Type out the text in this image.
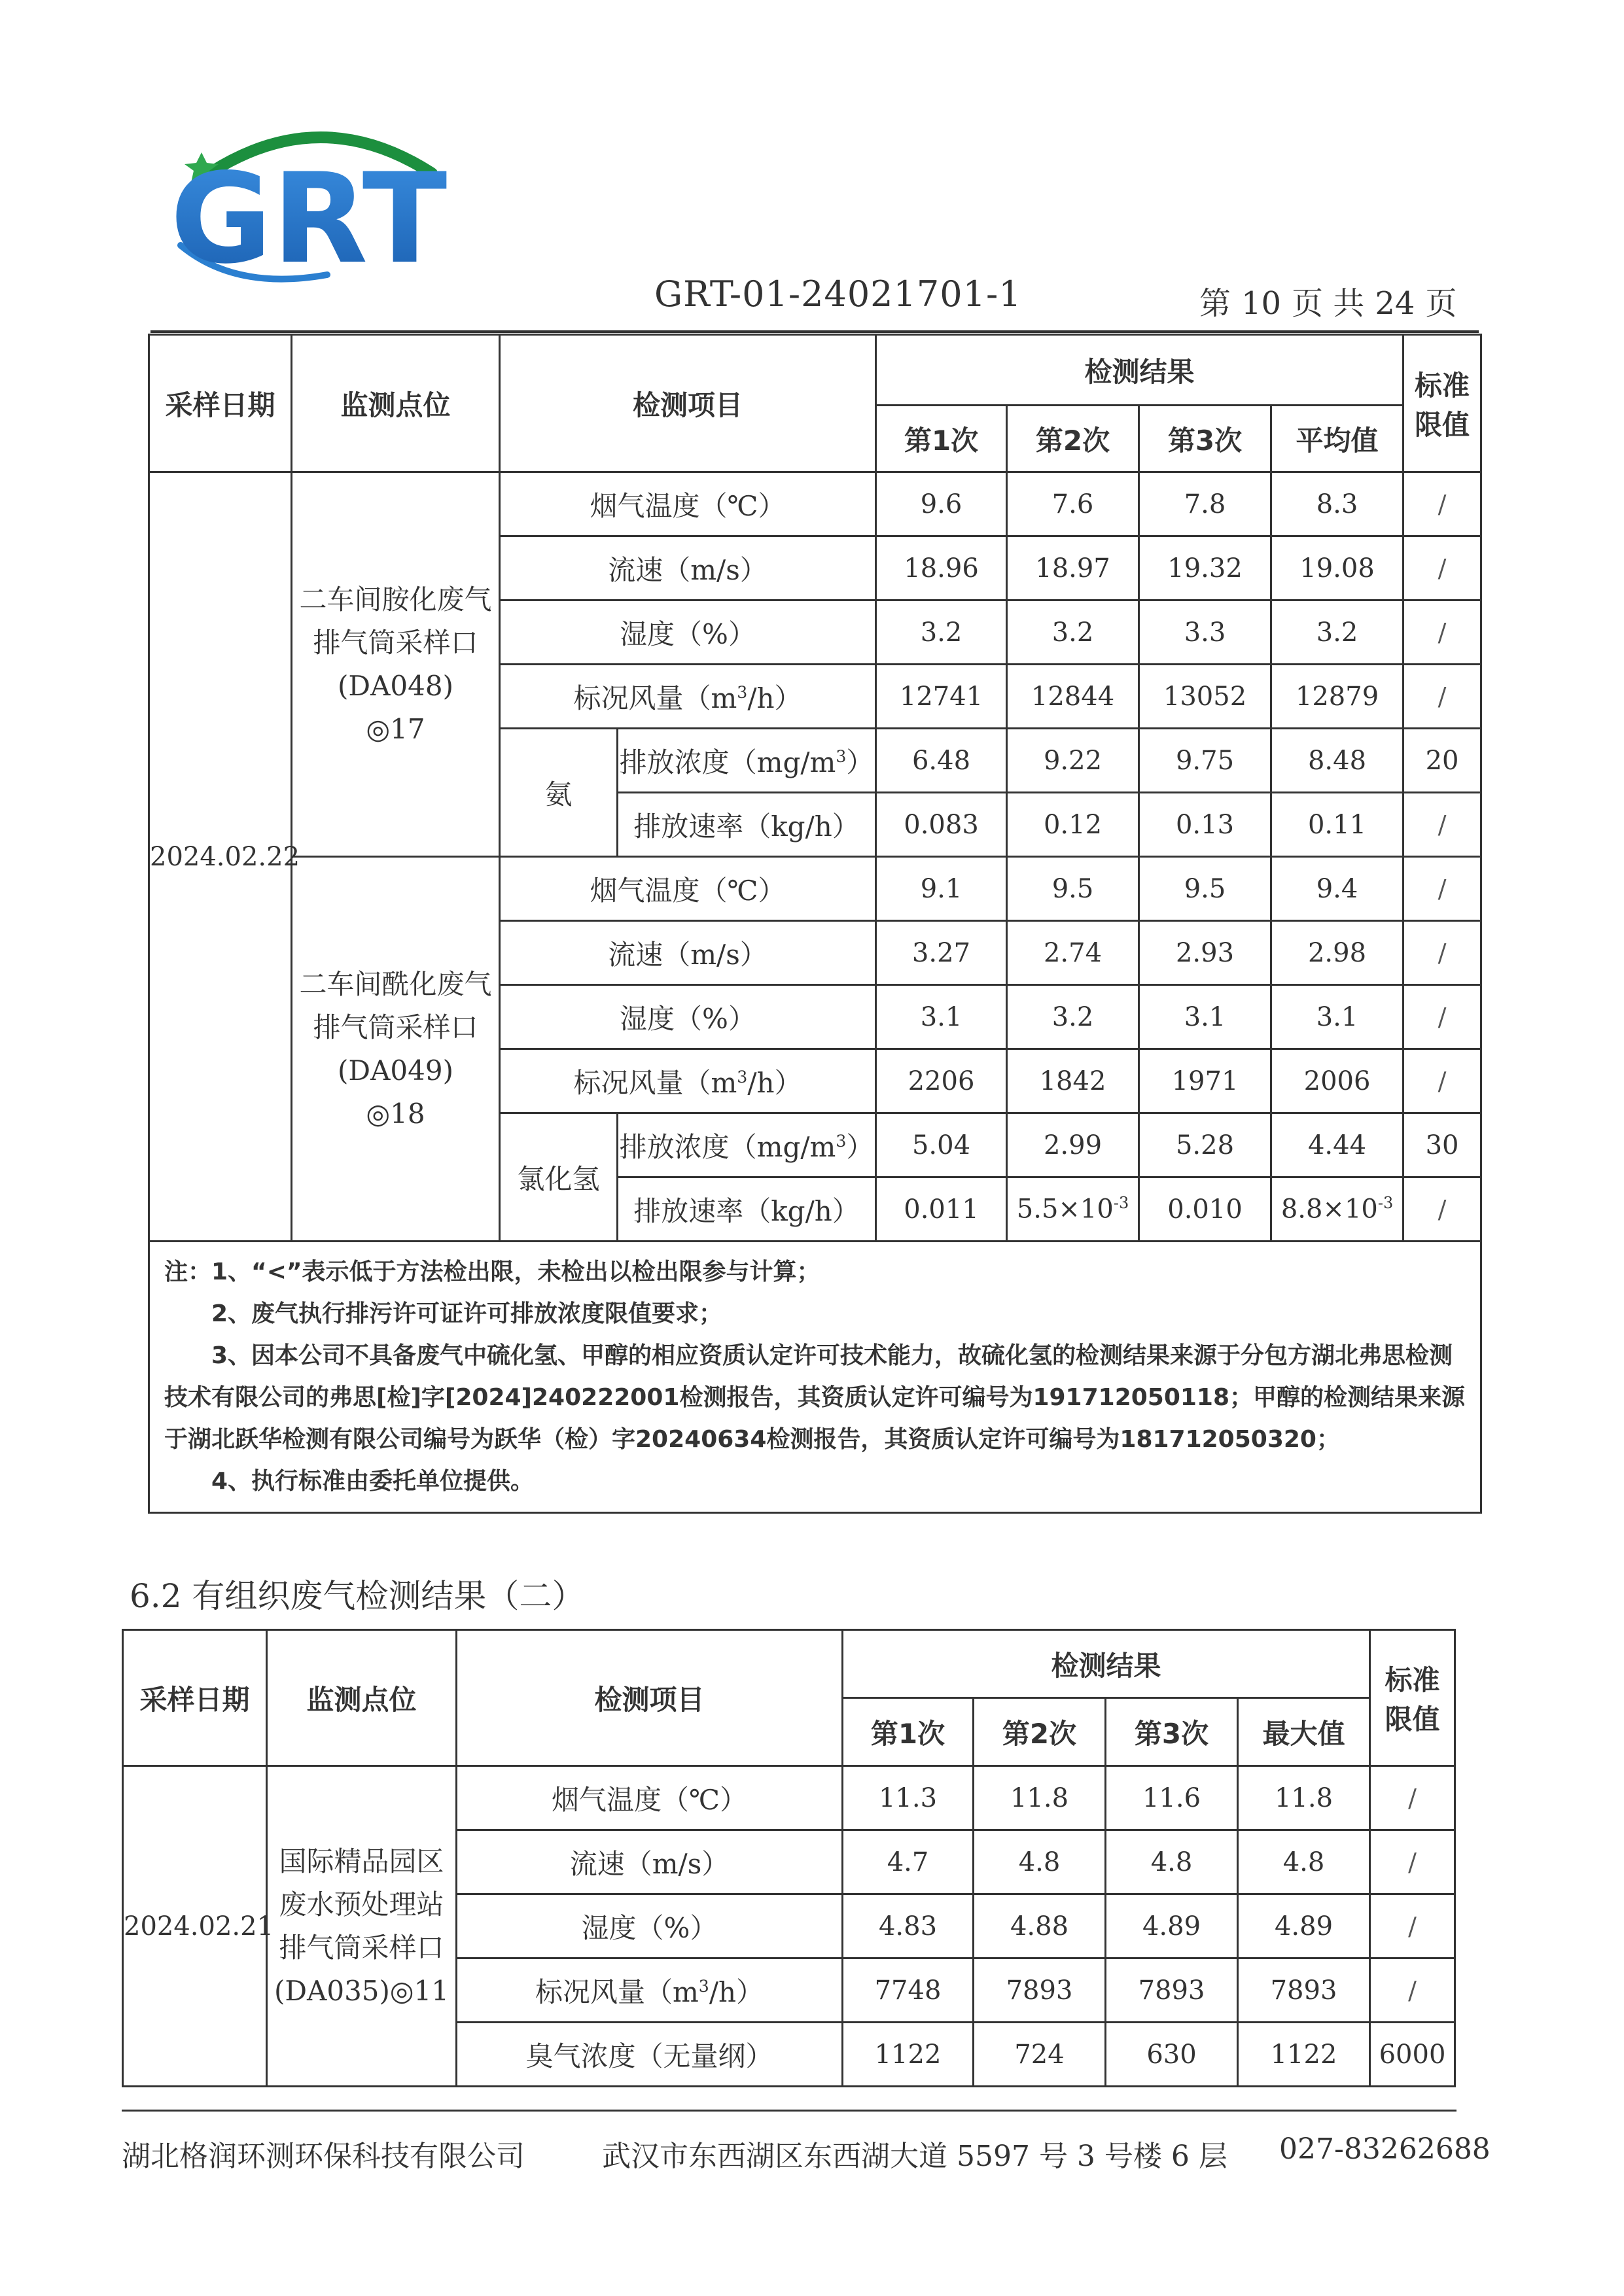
GRT
GRT-01-24021701-1	第 10 页 共 24 页
采样日期	监测点位	检测项目		检测结果				标准
限值
				第1次	第2次	第3次	平均值	
2024.02.22	二车间胺化废气
排气筒采样口
(DA048)
◎17	烟气温度（℃）		9.6	7.6	7.8	8.3	/
		流速（m/s）		18.96	18.97	19.32	19.08	/
		湿度（%）		3.2	3.2	3.3	3.2	/
		标况风量$(m^3/h)$		12741	12844	13052	12879	/
		氨	排放浓度$(mg/m^3)$	6.48	9.22	9.75	8.48	20
			排放速率（kg/h）	0.083	0.12	0.13	0.11	/
	二车间酰化废气
排气筒采样口
(DA049)
◎18	烟气温度（℃）		9.1	9.5	9.5	9.4	/
		流速（m/s）		3.27	2.74	2.93	2.98	/
		湿度（%）		3.1	3.2	3.1	3.1	/
		标况风量$(m^3/h)$		2206	1842	1971	2006	/
		氯化氢	排放浓度$(mg/m^3)$	5.04	2.99	5.28	4.44	30
			排放速率（kg/h）	0.011	$5.5\times 10^{-3}$	0.010	$8.8\times 10^{-3}$	/

注：1、“<”表示低于方法检出限，未检出以检出限参与计算；
2、废气执行排污许可证许可排放浓度限值要求；
3、因本公司不具备废气中硫化氢、甲醇的相应资质认定许可技术能力，故硫化氢的检测结果来源于分包方湖北弗思检测技术有限公司的弗思[检]字[2024]240222001检测报告，其资质认定许可编号为191712050118；甲醇的检测结果来源于湖北跃华检测有限公司编号为跃华（检）字20240634检测报告，其资质认定许可编号为181712050320；
4、执行标准由委托单位提供。								
6.2 有组织废气检测结果（二）
采样日期	监测点位	检测项目	检测结果				标准
限值
			第1次	第2次	第3次	最大值	
2024.02.21	国际精品园区
废水预处理站
排气筒采样口
(DA035)◎11	烟气温度（℃）	11.3	11.8	11.6	11.8	/
		流速（m/s）	4.7	4.8	4.8	4.8	/
		湿度（%）	4.83	4.88	4.89	4.89	/
		标况风量$(m^3/h)$	7748	7893	7893	7893	/
		臭气浓度（无量纲）	1122	724	630	1122	6000
湖北格润环测环保科技有限公司	武汉市东西湖区东西湖大道 5597 号 3 号楼 6 层 027-83262688
